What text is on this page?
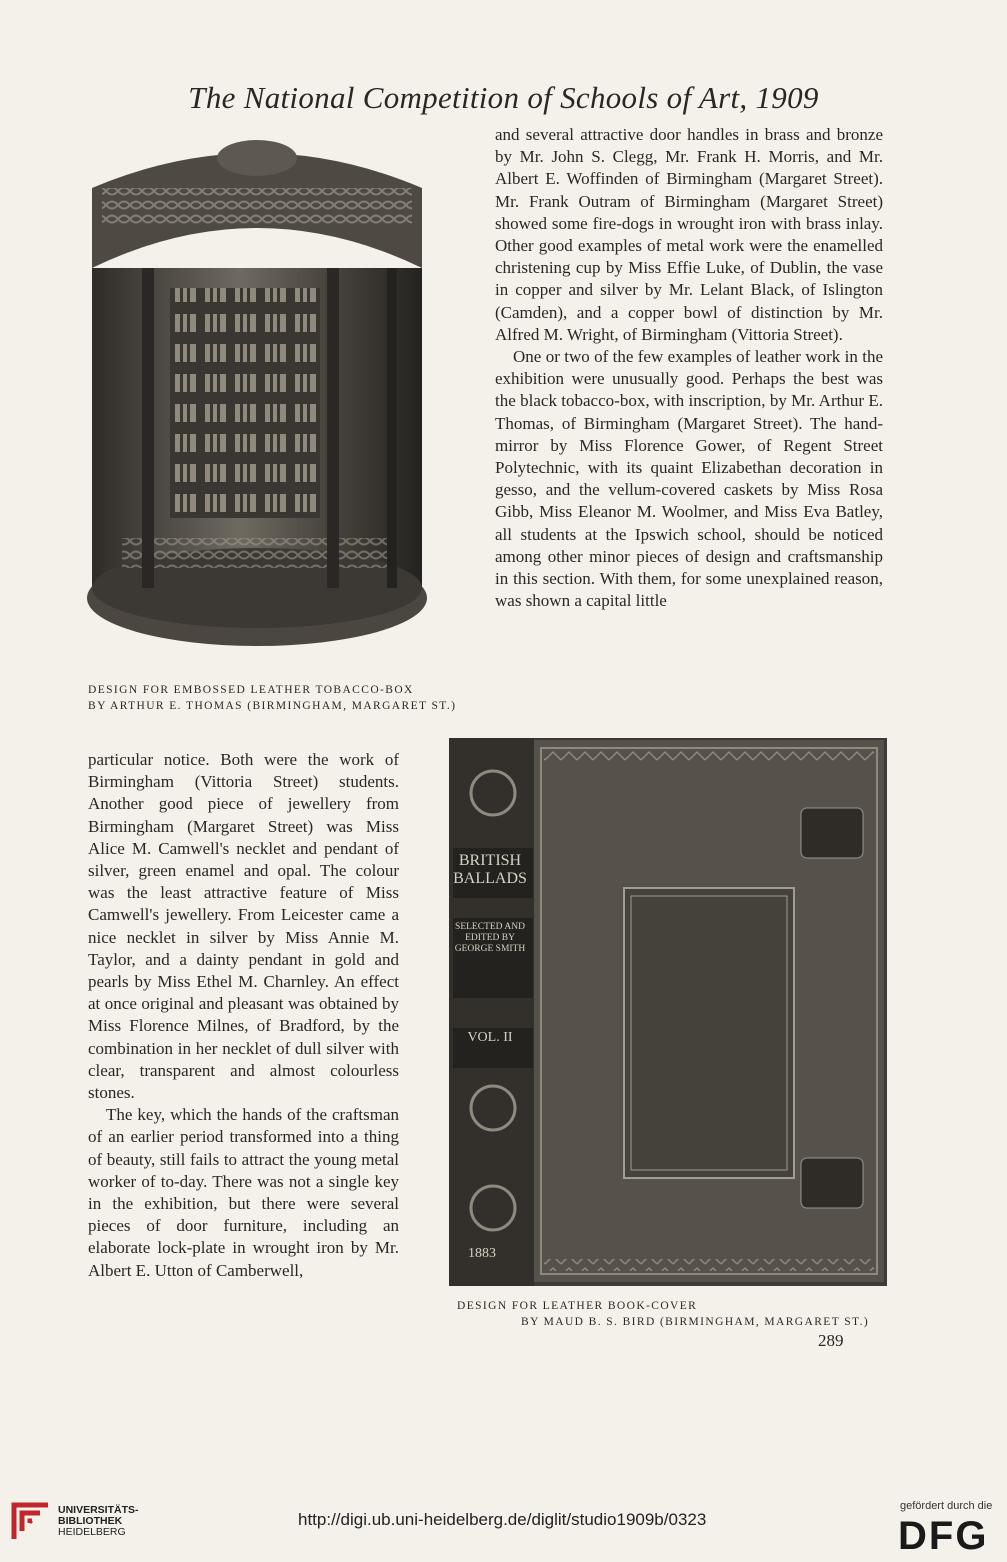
The National Competition of Schools of Art, 1909
DESIGN FOR EMBOSSED LEATHER TOBACCO-BOX
BY ARTHUR E. THOMAS (BIRMINGHAM, MARGARET ST.)

and several attractive door handles in brass and bronze by Mr. John S. Clegg, Mr. Frank H. Morris, and Mr. Albert E. Woffinden of Birmingham (Margaret Street). Mr. Frank Outram of Birmingham (Margaret Street) showed some fire-dogs in wrought iron with brass inlay. Other good examples of metal work were the enamelled christening cup by Miss Effie Luke, of Dublin, the vase in copper and silver by Mr. Lelant Black, of Islington (Camden), and a copper bowl of distinction by Mr. Alfred M. Wright, of Birmingham (Vittoria Street).

One or two of the few examples of leather work in the exhibition were unusually good. Perhaps the best was the black tobacco-box, with inscription, by Mr. Arthur E. Thomas, of Birmingham (Margaret Street). The hand-mirror by Miss Florence Gower, of Regent Street Polytechnic, with its quaint Elizabethan decoration in gesso, and the vellum-covered caskets by Miss Rosa Gibb, Miss Eleanor M. Woolmer, and Miss Eva Batley, all students at the Ipswich school, should be noticed among other minor pieces of design and craftsmanship in this section. With them, for some unexplained reason, was shown a capital little

particular notice. Both were the work of Birmingham (Vittoria Street) students. Another good piece of jewellery from Birmingham (Margaret Street) was Miss Alice M. Camwell's necklet and pendant of silver, green enamel and opal. The colour was the least attractive feature of Miss Camwell's jewellery. From Leicester came a nice necklet in silver by Miss Annie M. Taylor, and a dainty pendant in gold and pearls by Miss Ethel M. Charnley. An effect at once original and pleasant was obtained by Miss Florence Milnes, of Bradford, by the combination in her necklet of dull silver with clear, transparent and almost colourless stones.

The key, which the hands of the craftsman of an earlier period transformed into a thing of beauty, still fails to attract the young metal worker of to-day. There was not a single key in the exhibition, but there were several pieces of door furniture, including an elaborate lock-plate in wrought iron by Mr. Albert E. Utton of Camberwell,

BRITISH BALLADS
SELECTED AND EDITED BY GEORGE SMITH
VOL. II
1883
DESIGN FOR LEATHER BOOK-COVER
BY MAUD B. S. BIRD (BIRMINGHAM, MARGARET ST.)
289
UNIVERSITÄTS-
BIBLIOTHEK
HEIDELBERG
http://digi.ub.uni-heidelberg.de/diglit/studio1909b/0323
gefördert durch die
DFG
